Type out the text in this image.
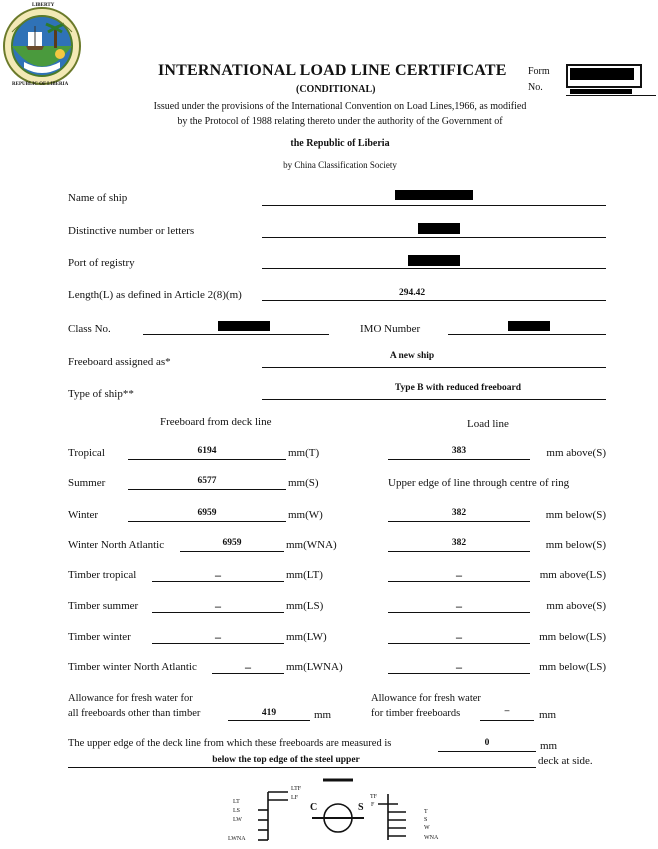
LIBERTY
REPUBLIC OF LIBERIA
INTERNATIONAL LOAD LINE CERTIFICATE
(CONDITIONAL)
Form
No.
Issued under the provisions of the International Convention on Load Lines,1966, as modified
by the Protocol of 1988 relating thereto under the authority of the Government of
the Republic of Liberia
by China Classification Society
Name of ship
Distinctive number or letters
Port of registry
Length(L) as defined in Article 2(8)(m)	294.42
Class No.	IMO Number
Freeboard assigned as*	A new ship
Type of ship**	Type B with reduced freeboard
Freeboard from deck line	Load line
Tropical	6194	mm(T)	383	mm above(S)
Summer	6577	mm(S)	Upper edge of line through centre of ring
Winter	6959	mm(W)	382	mm below(S)
Winter North Atlantic	6959	mm(WNA)	382	mm below(S)
Timber tropical	–	mm(LT)	–	mm above(LS)
Timber summer	–	mm(LS)	–	mm above(S)
Timber winter	–	mm(LW)	–	mm below(LS)
Timber winter North Atlantic	–	mm(LWNA)	–	mm below(LS)
Allowance for fresh water for
all freeboards other than timber	419	mm
Allowance for fresh water
for timber freeboards	–	mm
The upper edge of the deck line from which these freeboards are measured is	0	mm
below the top edge of the steel upper	deck at side.
LTF
LF
LT
LS
LW
LWNA
C	S
TF
F
T
S
W
WNA
